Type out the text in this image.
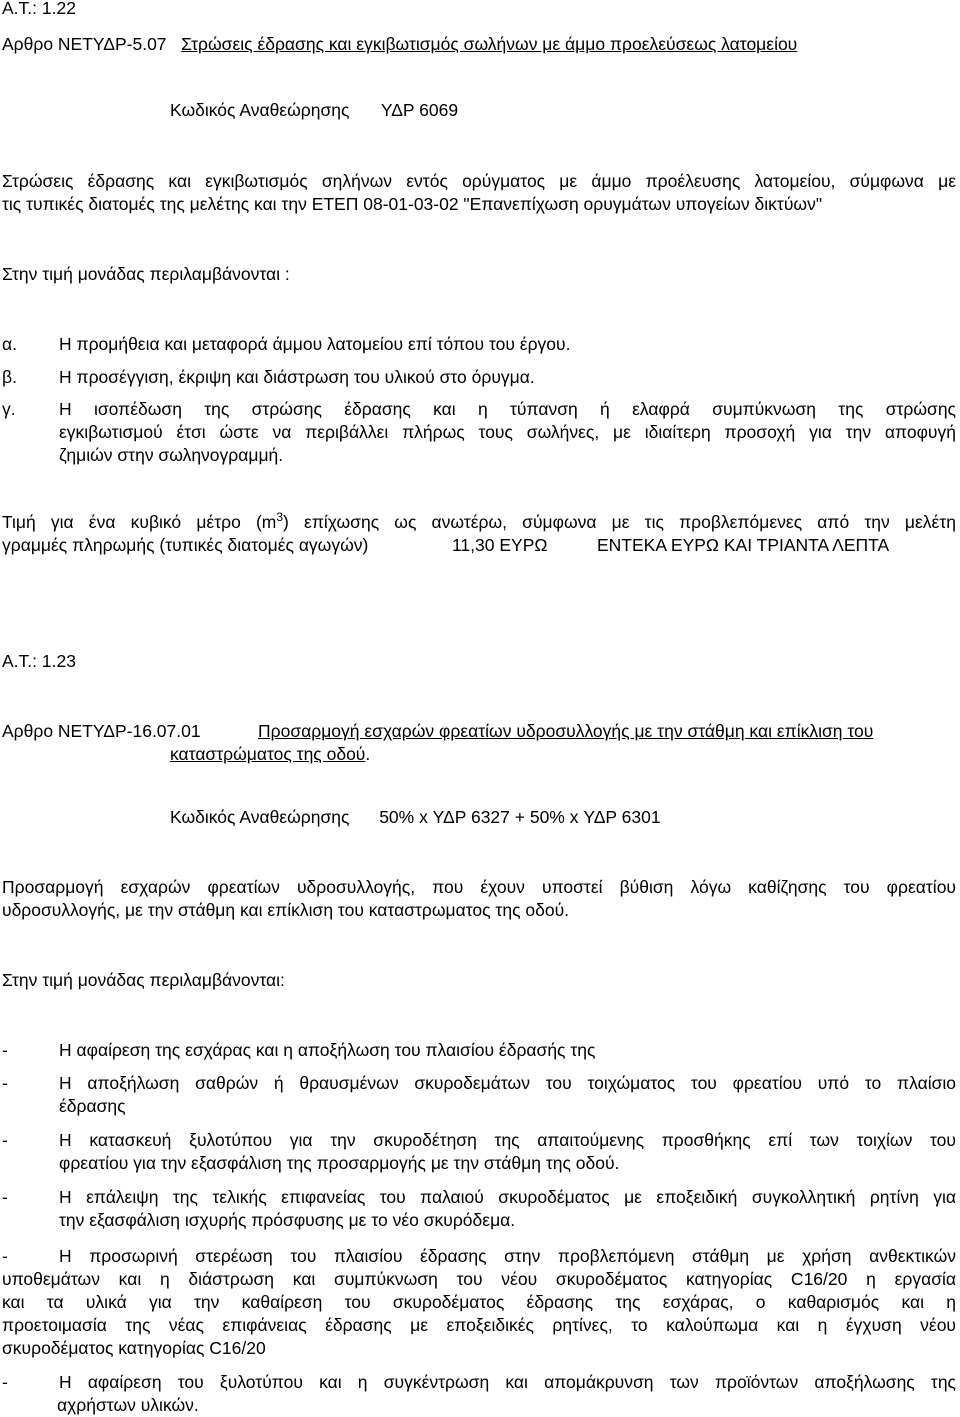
Α.Τ.: 1.22
Αρθρο ΝΕΤΥΔΡ-5.07 Στρώσεις έδρασης και εγκιβωτισμός σωλήνων με άμμο προελεύσεως λατομείου
Κωδικός Αναθεώρησης ΥΔΡ 6069
Στρώσεις έδρασης και εγκιβωτισμός σηλήνων εντός ορύγματος με άμμο προέλευσης λατομείου, σύμφωνα με
τις τυπικές διατομές της μελέτης και την ΕΤΕΠ 08-01-03-02 "Επανεπίχωση ορυγμάτων υπογείων δικτύων"
Στην τιμή μονάδας περιλαμβάνονται :
α. Η προμήθεια και μεταφορά άμμου λατομείου επί τόπου του έργου.
β. Η προσέγγιση, έκριψη και διάστρωση του υλικού στο όρυγμα.
γ. Η ισοπέδωση της στρώσης έδρασης και η τύπανση ή ελαφρά συμπύκνωση της στρώσης
εγκιβωτισμού έτσι ώστε να περιβάλλει πλήρως τους σωλήνες, με ιδιαίτερη προσοχή για την αποφυγή
ζημιών στην σωληνογραμμή.
Τιμή για ένα κυβικό μέτρο $(m^3)$ επίχωσης ως ανωτέρω, σύμφωνα με τις προβλεπόμενες από την μελέτη
γραμμές πληρωμής (τυπικές διατομές αγωγών)	11,30 ΕΥΡΩ	ΕΝΤΕΚΑ ΕΥΡΩ ΚΑΙ ΤΡΙΑΝΤΑ ΛΕΠΤΑ
Α.Τ.: 1.23
Αρθρο ΝΕΤΥΔΡ-16.07.01	Προσαρμογή εσχαρών φρεατίων υδροσυλλογής με την στάθμη και επίκλιση του
καταστρώματος της οδού.
Κωδικός Αναθεώρησης 50% x ΥΔΡ 6327 + 50% x ΥΔΡ 6301
Προσαρμογή εσχαρών φρεατίων υδροσυλλογής, που έχουν υποστεί βύθιση λόγω καθίζησης του φρεατίου
υδροσυλλογής, με την στάθμη και επίκλιση του καταστρωματος της οδού.
Στην τιμή μονάδας περιλαμβάνονται:
-	Η αφαίρεση της εσχάρας και η αποξήλωση του πλαισίου έδρασής της
-	Η αποξήλωση σαθρών ή θραυσμένων σκυροδεμάτων του τοιχώματος του φρεατίου υπό το πλαίσιο
έδρασης
-	Η κατασκευή ξυλοτύπου για την σκυροδέτηση της απαιτούμενης προσθήκης επί των τοιχίων του
φρεατίου για την εξασφάλιση της προσαρμογής με την στάθμη της οδού.
-	Η επάλειψη της τελικής επιφανείας του παλαιού σκυροδέματος με εποξειδική συγκολλητική ρητίνη για
την εξασφάλιση ισχυρής πρόσφυσης με το νέο σκυρόδεμα.
-	Η προσωρινή στερέωση του πλαισίου έδρασης στην προβλεπόμενη στάθμη με χρήση ανθεκτικών
υποθεμάτων και η διάστρωση και συμπύκνωση του νέου σκυροδέματος κατηγορίας C16/20 η εργασία
και τα υλικά για την καθαίρεση του σκυροδέματος έδρασης της εσχάρας, ο καθαρισμός και η
προετοιμασία της νέας επιφάνειας έδρασης με εποξειδικές ρητίνες, το καλούπωμα και η έγχυση νέου
σκυροδέματος κατηγορίας C16/20
-	Η αφαίρεση του ξυλοτύπου και η συγκέντρωση και απομάκρυνση των προϊόντων αποξήλωσης της
αχρήστων υλικών.
